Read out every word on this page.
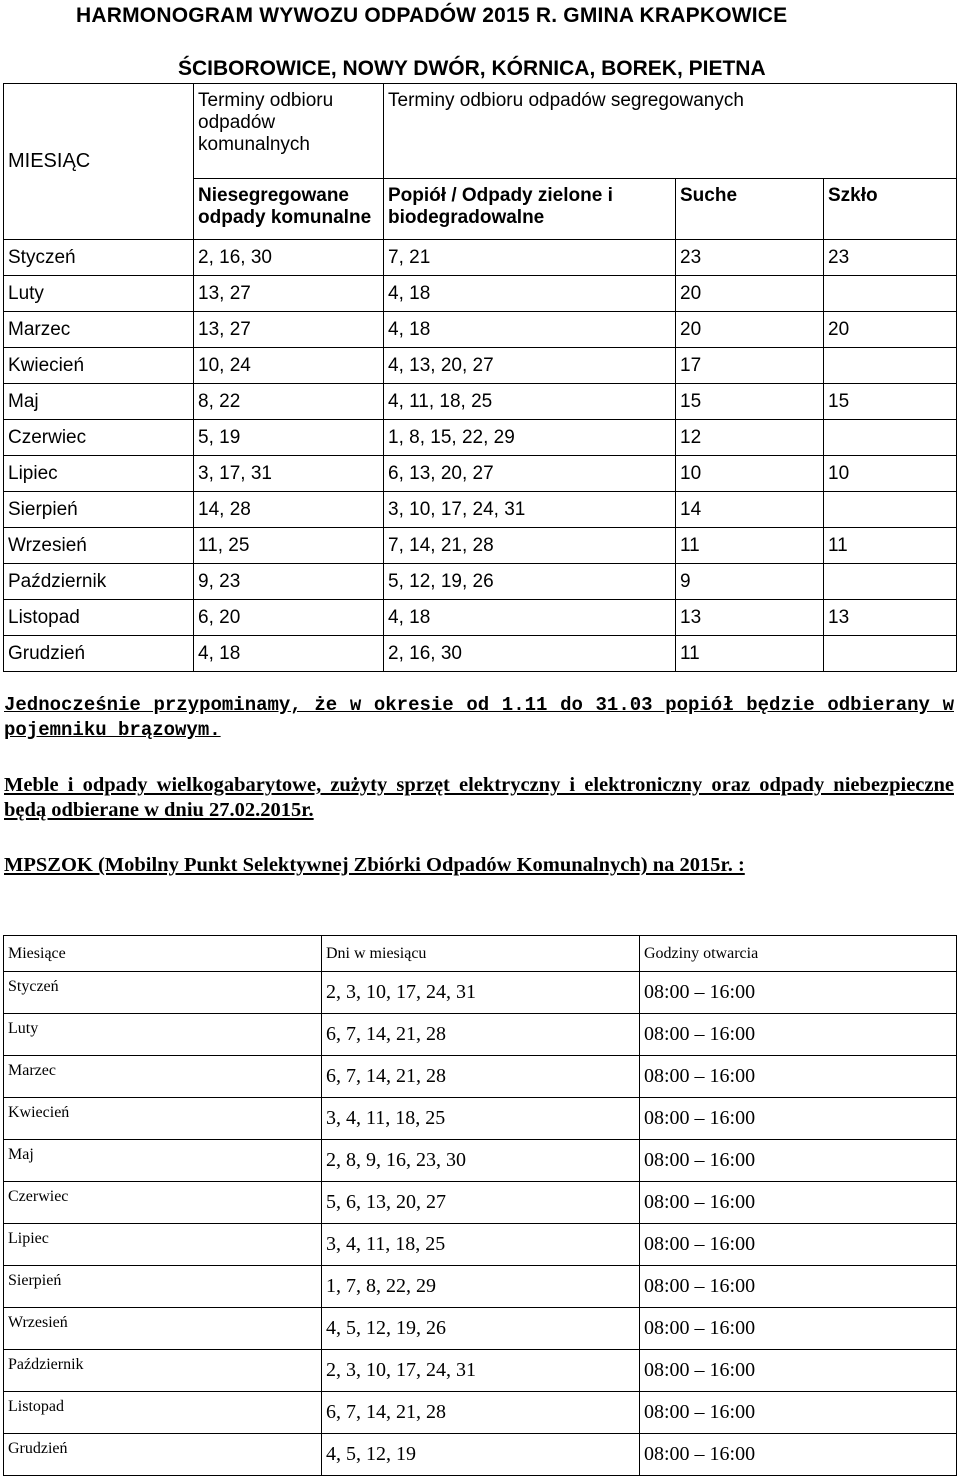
HARMONOGRAM WYWOZU ODPADÓW 2015 R. GMINA KRAPKOWICE
ŚCIBOROWICE, NOWY DWÓR, KÓRNICA, BOREK, PIETNA
MIESIĄC	Terminy odbioru odpadów komunalnych	Terminy odbioru odpadów segregowanych		
	Niesegregowane odpady komunalne	Popiół / Odpady zielone i biodegradowalne	Suche	Szkło
Styczeń	2, 16, 30	7, 21	23	23
Luty	13, 27	4, 18	20	
Marzec	13, 27	4, 18	20	20
Kwiecień	10, 24	4, 13, 20, 27	17	
Maj	8, 22	4, 11, 18, 25	15	15
Czerwiec	5, 19	1, 8, 15, 22, 29	12	
Lipiec	3, 17, 31	6, 13, 20, 27	10	10
Sierpień	14, 28	3, 10, 17, 24, 31	14	
Wrzesień	11, 25	7, 14, 21, 28	11	11
Październik	9, 23	5, 12, 19, 26	9	
Listopad	6, 20	4, 18	13	13
Grudzień	4, 18	2, 16, 30	11	

Jednocześnie przypominamy, że w okresie od 1.11 do 31.03 popiół będzie odbierany w pojemniku brązowym.

Meble i odpady wielkogabarytowe, zużyty sprzęt elektryczny i elektroniczny oraz odpady niebezpieczne będą odbierane w dniu 27.02.2015r.

MPSZOK (Mobilny Punkt Selektywnej Zbiórki Odpadów Komunalnych) na 2015r. :

Miesiące	Dni w miesiącu	Godziny otwarcia
Styczeń	2, 3, 10, 17, 24, 31	08:00 – 16:00
Luty	6, 7, 14, 21, 28	08:00 – 16:00
Marzec	6, 7, 14, 21, 28	08:00 – 16:00
Kwiecień	3, 4, 11, 18, 25	08:00 – 16:00
Maj	2, 8, 9, 16, 23, 30	08:00 – 16:00
Czerwiec	5, 6, 13, 20, 27	08:00 – 16:00
Lipiec	3, 4, 11, 18, 25	08:00 – 16:00
Sierpień	1, 7, 8, 22, 29	08:00 – 16:00
Wrzesień	4, 5, 12, 19, 26	08:00 – 16:00
Październik	2, 3, 10, 17, 24, 31	08:00 – 16:00
Listopad	6, 7, 14, 21, 28	08:00 – 16:00
Grudzień	4, 5, 12, 19	08:00 – 16:00
